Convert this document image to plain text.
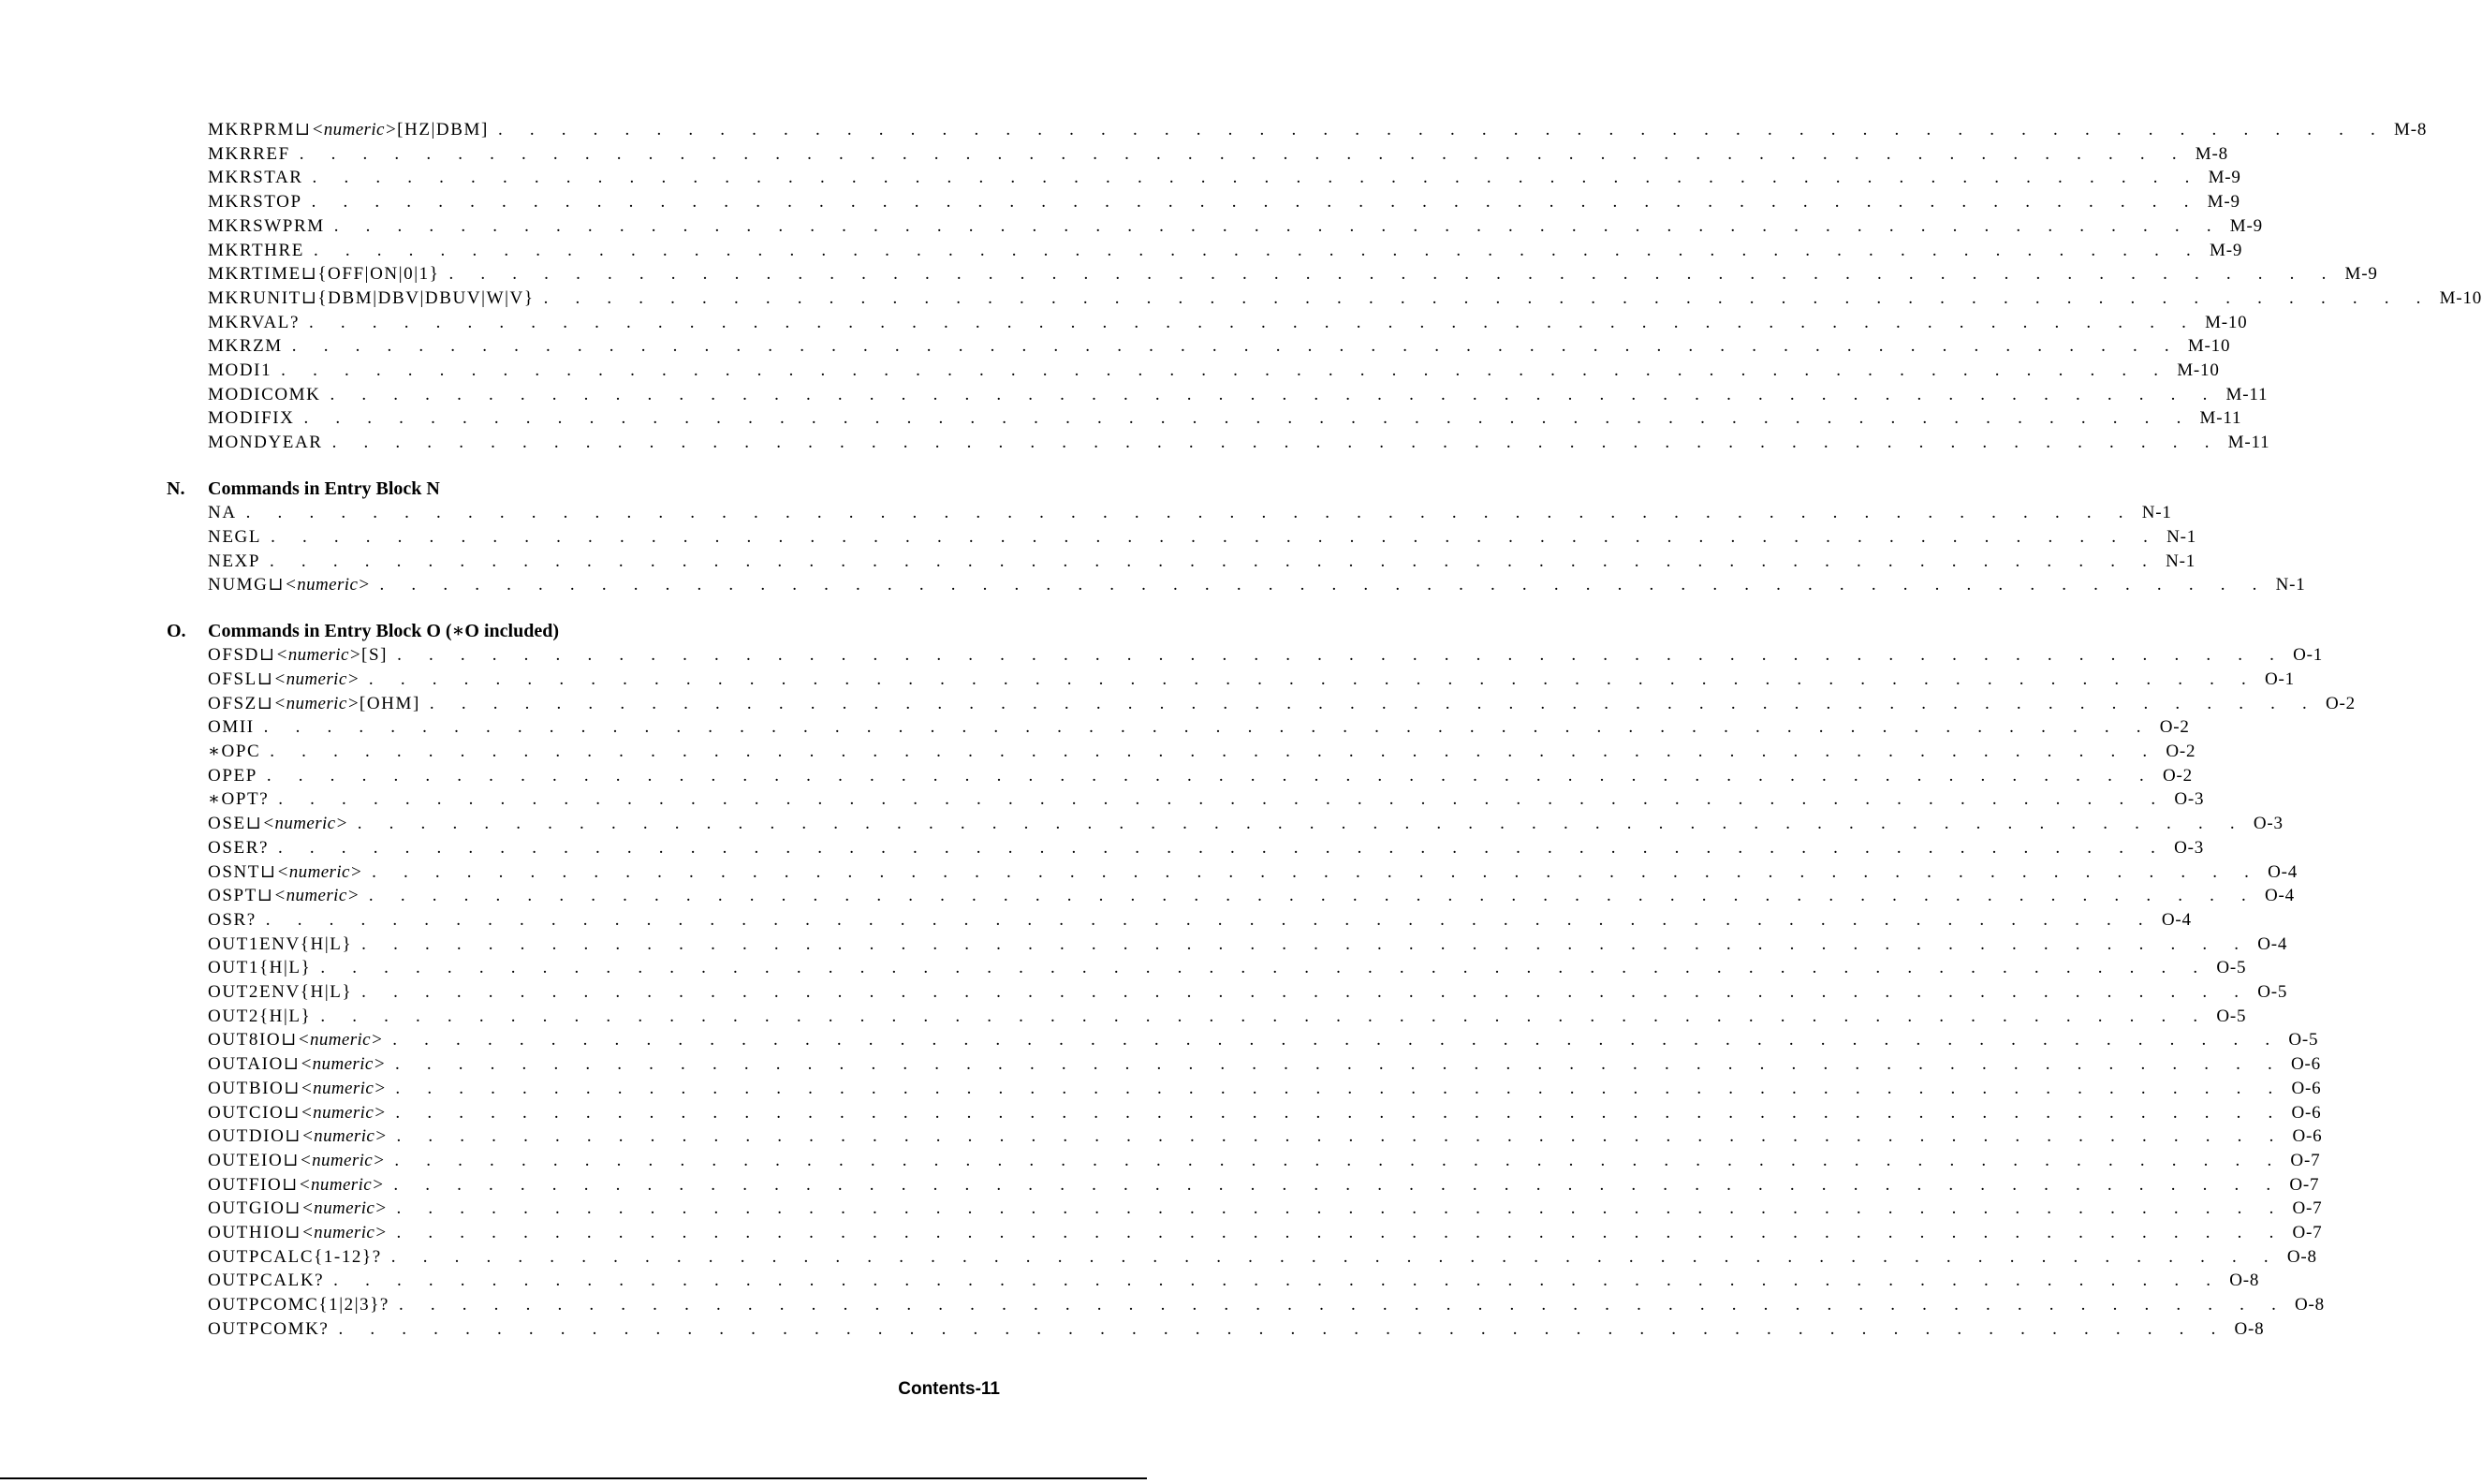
MKRPRM⊔<numeric>[HZ|DBM] . . . . . . . . . . . . . . . . . . . . . . . . . . . . . . . . . . . . . . . . . . . . . . . . . . . . . . . . . . . . M-8
MKRREF . . . . . . . . . . . . . . . . . . . . . . . . . . . . . . . . . . . . . . . . . . . . . . . . . . . . . . . . . . . . M-8
MKRSTAR . . . . . . . . . . . . . . . . . . . . . . . . . . . . . . . . . . . . . . . . . . . . . . . . . . . . . . . . . . . . M-9
MKRSTOP . . . . . . . . . . . . . . . . . . . . . . . . . . . . . . . . . . . . . . . . . . . . . . . . . . . . . . . . . . . . M-9
MKRSWPRM . . . . . . . . . . . . . . . . . . . . . . . . . . . . . . . . . . . . . . . . . . . . . . . . . . . . . . . . . . . . M-9
MKRTHRE . . . . . . . . . . . . . . . . . . . . . . . . . . . . . . . . . . . . . . . . . . . . . . . . . . . . . . . . . . . . M-9
MKRTIME⊔{OFF|ON|0|1} . . . . . . . . . . . . . . . . . . . . . . . . . . . . . . . . . . . . . . . . . . . . . . . . . . . . . . . . . . . . M-9
MKRUNIT⊔{DBM|DBV|DBUV|W|V} . . . . . . . . . . . . . . . . . . . . . . . . . . . . . . . . . . . . . . . . . . . . . . . . . . . . . . . . . . . . M-10
MKRVAL? . . . . . . . . . . . . . . . . . . . . . . . . . . . . . . . . . . . . . . . . . . . . . . . . . . . . . . . . . . . . M-10
MKRZM . . . . . . . . . . . . . . . . . . . . . . . . . . . . . . . . . . . . . . . . . . . . . . . . . . . . . . . . . . . . M-10
MODI1 . . . . . . . . . . . . . . . . . . . . . . . . . . . . . . . . . . . . . . . . . . . . . . . . . . . . . . . . . . . . M-10
MODICOMK . . . . . . . . . . . . . . . . . . . . . . . . . . . . . . . . . . . . . . . . . . . . . . . . . . . . . . . . . . . . M-11
MODIFIX . . . . . . . . . . . . . . . . . . . . . . . . . . . . . . . . . . . . . . . . . . . . . . . . . . . . . . . . . . . . M-11
MONDYEAR . . . . . . . . . . . . . . . . . . . . . . . . . . . . . . . . . . . . . . . . . . . . . . . . . . . . . . . . . . . . M-11
N. Commands in Entry Block N
NA . . . . . . . . . . . . . . . . . . . . . . . . . . . . . . . . . . . . . . . . . . . . . . . . . . . . . . . . . . . . N-1
NEGL . . . . . . . . . . . . . . . . . . . . . . . . . . . . . . . . . . . . . . . . . . . . . . . . . . . . . . . . . . . . N-1
NEXP . . . . . . . . . . . . . . . . . . . . . . . . . . . . . . . . . . . . . . . . . . . . . . . . . . . . . . . . . . . . N-1
NUMG⊔<numeric> . . . . . . . . . . . . . . . . . . . . . . . . . . . . . . . . . . . . . . . . . . . . . . . . . . . . . . . . . . . . N-1
O. Commands in Entry Block O (∗O included)
OFSD⊔<numeric>[S] . . . . . . . . . . . . . . . . . . . . . . . . . . . . . . . . . . . . . . . . . . . . . . . . . . . . . . . . . . . . O-1
OFSL⊔<numeric> . . . . . . . . . . . . . . . . . . . . . . . . . . . . . . . . . . . . . . . . . . . . . . . . . . . . . . . . . . . . O-1
OFSZ⊔<numeric>[OHM] . . . . . . . . . . . . . . . . . . . . . . . . . . . . . . . . . . . . . . . . . . . . . . . . . . . . . . . . . . . . O-2
OMII . . . . . . . . . . . . . . . . . . . . . . . . . . . . . . . . . . . . . . . . . . . . . . . . . . . . . . . . . . . . O-2
∗OPC . . . . . . . . . . . . . . . . . . . . . . . . . . . . . . . . . . . . . . . . . . . . . . . . . . . . . . . . . . . . O-2
OPEP . . . . . . . . . . . . . . . . . . . . . . . . . . . . . . . . . . . . . . . . . . . . . . . . . . . . . . . . . . . . O-2
∗OPT? . . . . . . . . . . . . . . . . . . . . . . . . . . . . . . . . . . . . . . . . . . . . . . . . . . . . . . . . . . . . O-3
OSE⊔<numeric> . . . . . . . . . . . . . . . . . . . . . . . . . . . . . . . . . . . . . . . . . . . . . . . . . . . . . . . . . . . . O-3
OSER? . . . . . . . . . . . . . . . . . . . . . . . . . . . . . . . . . . . . . . . . . . . . . . . . . . . . . . . . . . . . O-3
OSNT⊔<numeric> . . . . . . . . . . . . . . . . . . . . . . . . . . . . . . . . . . . . . . . . . . . . . . . . . . . . . . . . . . . . O-4
OSPT⊔<numeric> . . . . . . . . . . . . . . . . . . . . . . . . . . . . . . . . . . . . . . . . . . . . . . . . . . . . . . . . . . . . O-4
OSR? . . . . . . . . . . . . . . . . . . . . . . . . . . . . . . . . . . . . . . . . . . . . . . . . . . . . . . . . . . . . O-4
OUT1ENV{H|L} . . . . . . . . . . . . . . . . . . . . . . . . . . . . . . . . . . . . . . . . . . . . . . . . . . . . . . . . . . . . O-4
OUT1{H|L} . . . . . . . . . . . . . . . . . . . . . . . . . . . . . . . . . . . . . . . . . . . . . . . . . . . . . . . . . . . . O-5
OUT2ENV{H|L} . . . . . . . . . . . . . . . . . . . . . . . . . . . . . . . . . . . . . . . . . . . . . . . . . . . . . . . . . . . . O-5
OUT2{H|L} . . . . . . . . . . . . . . . . . . . . . . . . . . . . . . . . . . . . . . . . . . . . . . . . . . . . . . . . . . . . O-5
OUT8IO⊔<numeric> . . . . . . . . . . . . . . . . . . . . . . . . . . . . . . . . . . . . . . . . . . . . . . . . . . . . . . . . . . . . O-5
OUTAIO⊔<numeric> . . . . . . . . . . . . . . . . . . . . . . . . . . . . . . . . . . . . . . . . . . . . . . . . . . . . . . . . . . . . O-6
OUTBIO⊔<numeric> . . . . . . . . . . . . . . . . . . . . . . . . . . . . . . . . . . . . . . . . . . . . . . . . . . . . . . . . . . . . O-6
OUTCIO⊔<numeric> . . . . . . . . . . . . . . . . . . . . . . . . . . . . . . . . . . . . . . . . . . . . . . . . . . . . . . . . . . . . O-6
OUTDIO⊔<numeric> . . . . . . . . . . . . . . . . . . . . . . . . . . . . . . . . . . . . . . . . . . . . . . . . . . . . . . . . . . . . O-6
OUTEIO⊔<numeric> . . . . . . . . . . . . . . . . . . . . . . . . . . . . . . . . . . . . . . . . . . . . . . . . . . . . . . . . . . . . O-7
OUTFIO⊔<numeric> . . . . . . . . . . . . . . . . . . . . . . . . . . . . . . . . . . . . . . . . . . . . . . . . . . . . . . . . . . . . O-7
OUTGIO⊔<numeric> . . . . . . . . . . . . . . . . . . . . . . . . . . . . . . . . . . . . . . . . . . . . . . . . . . . . . . . . . . . . O-7
OUTHIO⊔<numeric> . . . . . . . . . . . . . . . . . . . . . . . . . . . . . . . . . . . . . . . . . . . . . . . . . . . . . . . . . . . . O-7
OUTPCALC{1-12}? . . . . . . . . . . . . . . . . . . . . . . . . . . . . . . . . . . . . . . . . . . . . . . . . . . . . . . . . . . . . O-8
OUTPCALK? . . . . . . . . . . . . . . . . . . . . . . . . . . . . . . . . . . . . . . . . . . . . . . . . . . . . . . . . . . . . O-8
OUTPCOMC{1|2|3}? . . . . . . . . . . . . . . . . . . . . . . . . . . . . . . . . . . . . . . . . . . . . . . . . . . . . . . . . . . . . O-8
OUTPCOMK? . . . . . . . . . . . . . . . . . . . . . . . . . . . . . . . . . . . . . . . . . . . . . . . . . . . . . . . . . . . . O-8
Contents-11
